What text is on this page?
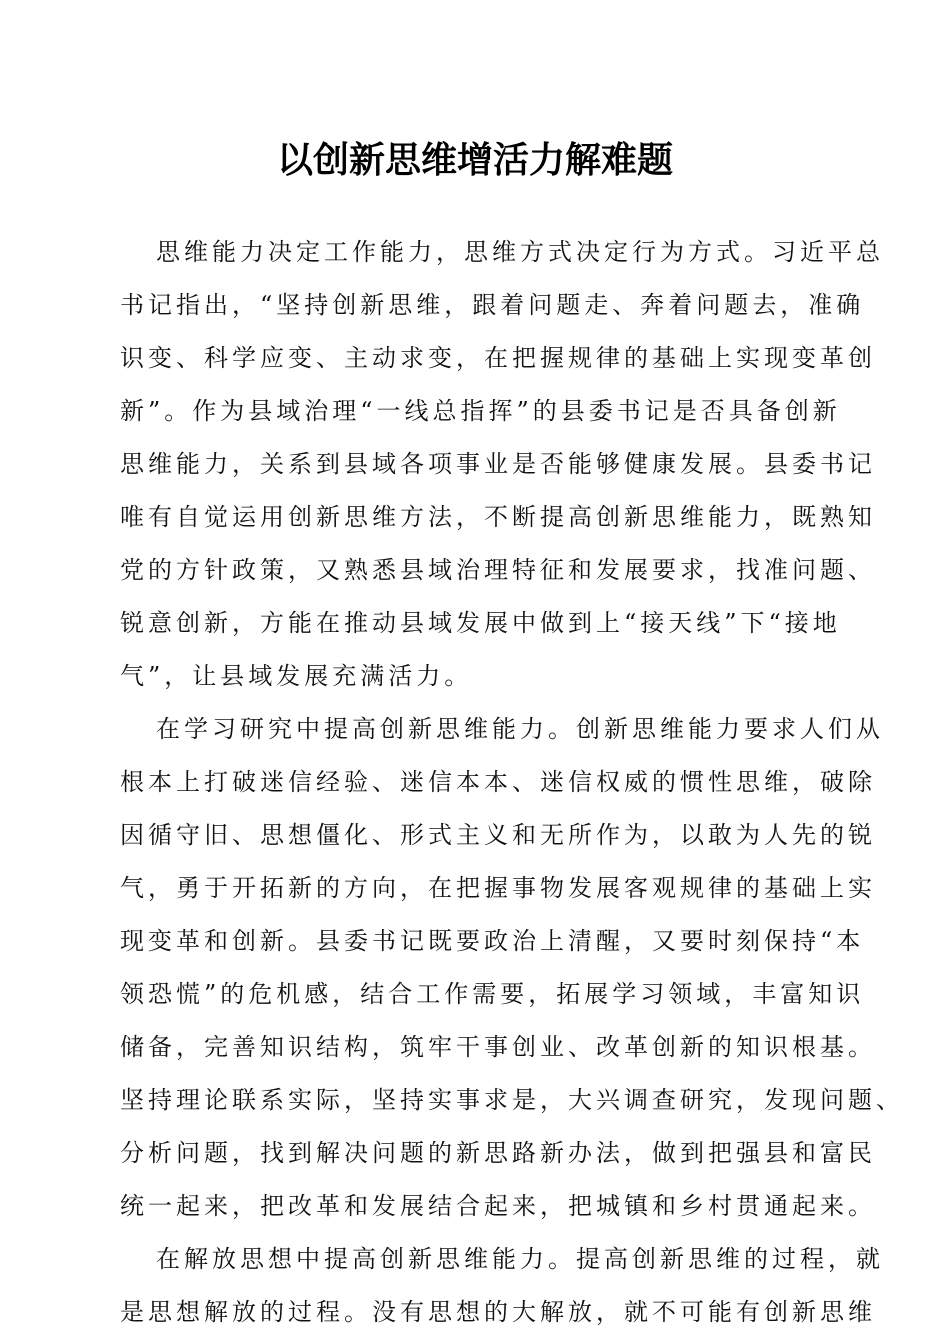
以创新思维增活力解难题
思维能力决定工作能力，思维方式决定行为方式。习近平总
书记指出，“坚持创新思维，跟着问题走、奔着问题去，准确
识变、科学应变、主动求变，在把握规律的基础上实现变革创
新”。作为县域治理“一线总指挥”的县委书记是否具备创新
思维能力，关系到县域各项事业是否能够健康发展。县委书记
唯有自觉运用创新思维方法，不断提高创新思维能力，既熟知
党的方针政策，又熟悉县域治理特征和发展要求，找准问题、
锐意创新，方能在推动县域发展中做到上“接天线”下“接地
气”，让县域发展充满活力。
在学习研究中提高创新思维能力。创新思维能力要求人们从
根本上打破迷信经验、迷信本本、迷信权威的惯性思维，破除
因循守旧、思想僵化、形式主义和无所作为，以敢为人先的锐
气，勇于开拓新的方向，在把握事物发展客观规律的基础上实
现变革和创新。县委书记既要政治上清醒，又要时刻保持“本
领恐慌”的危机感，结合工作需要，拓展学习领域，丰富知识
储备，完善知识结构，筑牢干事创业、改革创新的知识根基。
坚持理论联系实际，坚持实事求是，大兴调查研究，发现问题、
分析问题，找到解决问题的新思路新办法，做到把强县和富民
统一起来，把改革和发展结合起来，把城镇和乡村贯通起来。
在解放思想中提高创新思维能力。提高创新思维的过程，就
是思想解放的过程。没有思想的大解放，就不可能有创新思维
